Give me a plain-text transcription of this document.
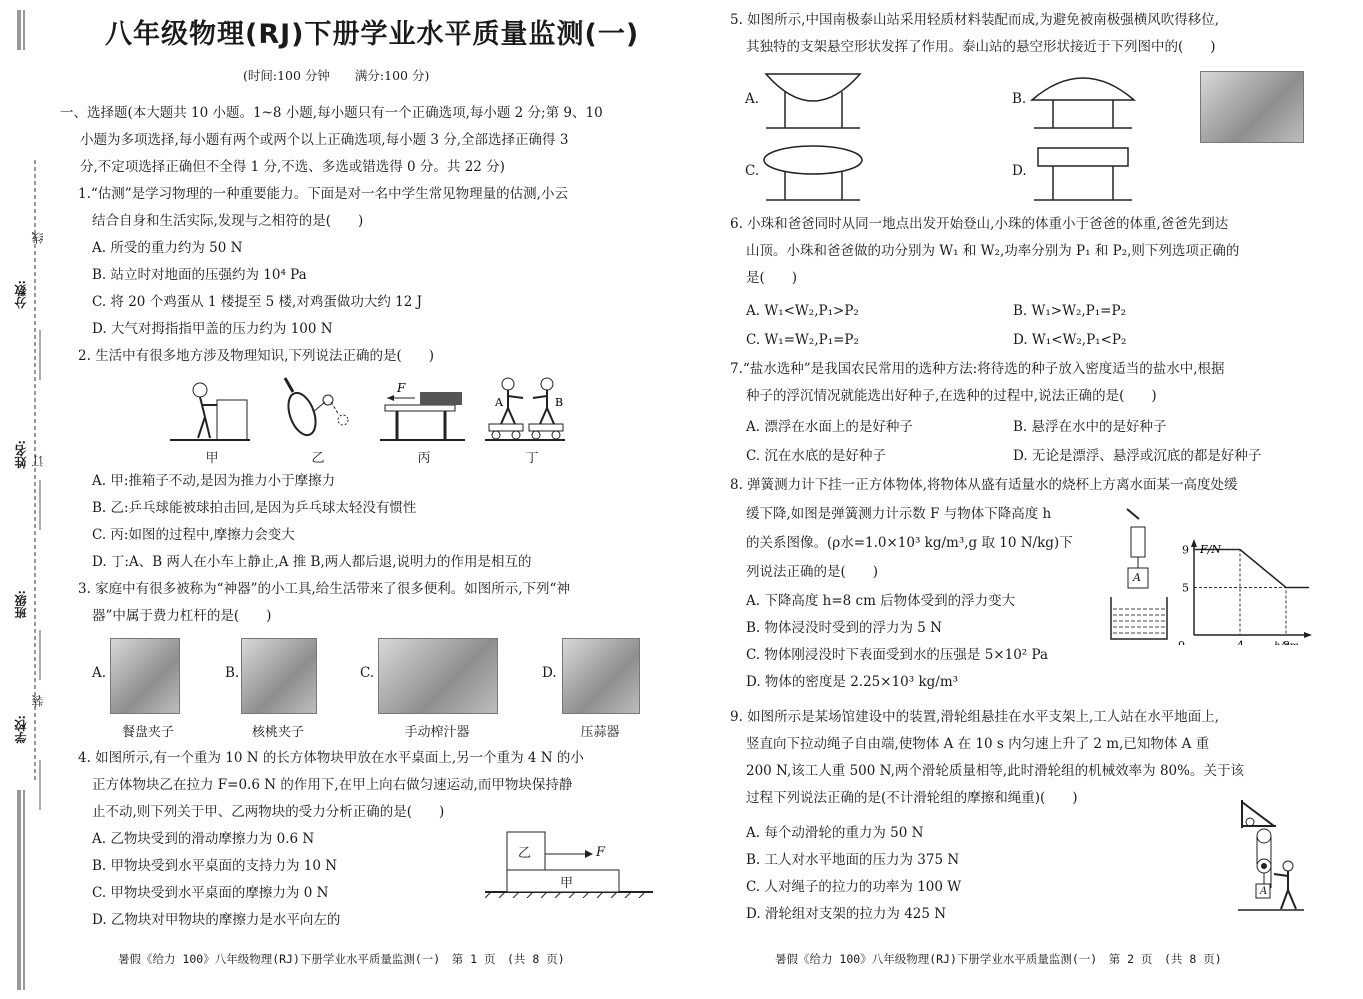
分数:
姓名:
班级:
学校:
线
订
装
八年级物理(RJ)下册学业水平质量监测(一)
(时间:100 分钟　　满分:100 分)
一、选择题(本大题共 10 小题。1~8 小题,每小题只有一个正确选项,每小题 2 分;第 9、10
小题为多项选择,每小题有两个或两个以上正确选项,每小题 3 分,全部选择正确得 3
分,不定项选择正确但不全得 1 分,不选、多选或错选得 0 分。共 22 分)
1.“估测”是学习物理的一种重要能力。下面是对一名中学生常见物理量的估测,小云
结合自身和生活实际,发现与之相符的是(　　)
A. 所受的重力约为 50 N
B. 站立时对地面的压强约为 10⁴ Pa
C. 将 20 个鸡蛋从 1 楼提至 5 楼,对鸡蛋做功大约 12 J
D. 大气对拇指指甲盖的压力约为 100 N
2. 生活中有很多地方涉及物理知识,下列说法正确的是(　　)
F
A	B
甲	乙	丙	丁
A. 甲:推箱子不动,是因为推力小于摩擦力
B. 乙:乒乓球能被球拍击回,是因为乒乓球太轻没有惯性
C. 丙:如图的过程中,摩擦力会变大
D. 丁:A、B 两人在小车上静止,A 推 B,两人都后退,说明力的作用是相互的
3. 家庭中有很多被称为“神器”的小工具,给生活带来了很多便利。如图所示,下列“神
器”中属于费力杠杆的是(　　)
A.
餐盘夹子
B.
核桃夹子
C.
手动榨汁器
D.
压蒜器
4. 如图所示,有一个重为 10 N 的长方体物块甲放在水平桌面上,另一个重为 4 N 的小
正方体物块乙在拉力 F=0.6 N 的作用下,在甲上向右做匀速运动,而甲物块保持静
止不动,则下列关于甲、乙两物块的受力分析正确的是(　　)
A. 乙物块受到的滑动摩擦力为 0.6 N
B. 甲物块受到水平桌面的支持力为 10 N
C. 甲物块受到水平桌面的摩擦力为 0 N
D. 乙物块对甲物块的摩擦力是水平向左的
乙
甲
F
暑假《给力 100》八年级物理(RJ)下册学业水平质量监测(一)　第 1 页　(共 8 页)
5. 如图所示,中国南极泰山站采用轻质材料装配而成,为避免被南极强横风吹得移位,
其独特的支架悬空形状发挥了作用。泰山站的悬空形状接近于下列图中的(　　)
A.	B.
C.	D.
6. 小珠和爸爸同时从同一地点出发开始登山,小珠的体重小于爸爸的体重,爸爸先到达
山顶。小珠和爸爸做的功分别为 W₁ 和 W₂,功率分别为 P₁ 和 P₂,则下列选项正确的
是(　　)
A. W₁<W₂,P₁>P₂	B. W₁>W₂,P₁=P₂
C. W₁=W₂,P₁=P₂	D. W₁<W₂,P₁<P₂
7.“盐水选种”是我国农民常用的选种方法:将待选的种子放入密度适当的盐水中,根据
种子的浮沉情况就能选出好种子,在选种的过程中,说法正确的是(　　)
A. 漂浮在水面上的是好种子	B. 悬浮在水中的是好种子
C. 沉在水底的是好种子	D. 无论是漂浮、悬浮或沉底的都是好种子
8. 弹簧测力计下挂一正方体物体,将物体从盛有适量水的烧杯上方离水面某一高度处缓
缓下降,如图是弹簧测力计示数 F 与物体下降高度 h
的关系图像。(ρ水=1.0×10³ kg/m³,g 取 10 N/kg)下
列说法正确的是(　　)
A. 下降高度 h=8 cm 后物体受到的浮力变大
B. 物体浸没时受到的浮力为 5 N
C. 物体刚浸没时下表面受到水的压强是 5×10² Pa
D. 物体的密度是 2.25×10³ kg/m³
A
9
5
F/N
9. 如图所示是某场馆建设中的装置,滑轮组悬挂在水平支架上,工人站在水平地面上,
竖直向下拉动绳子自由端,使物体 A 在 10 s 内匀速上升了 2 m,已知物体 A 重
200 N,该工人重 500 N,两个滑轮质量相等,此时滑轮组的机械效率为 80%。关于该
过程下列说法正确的是(不计滑轮组的摩擦和绳重)(　　)
A. 每个动滑轮的重力为 50 N
B. 工人对水平地面的压力为 375 N
C. 人对绳子的拉力的功率为 100 W
D. 滑轮组对支架的拉力为 425 N
A
暑假《给力 100》八年级物理(RJ)下册学业水平质量监测(一)　第 2 页　(共 8 页)
